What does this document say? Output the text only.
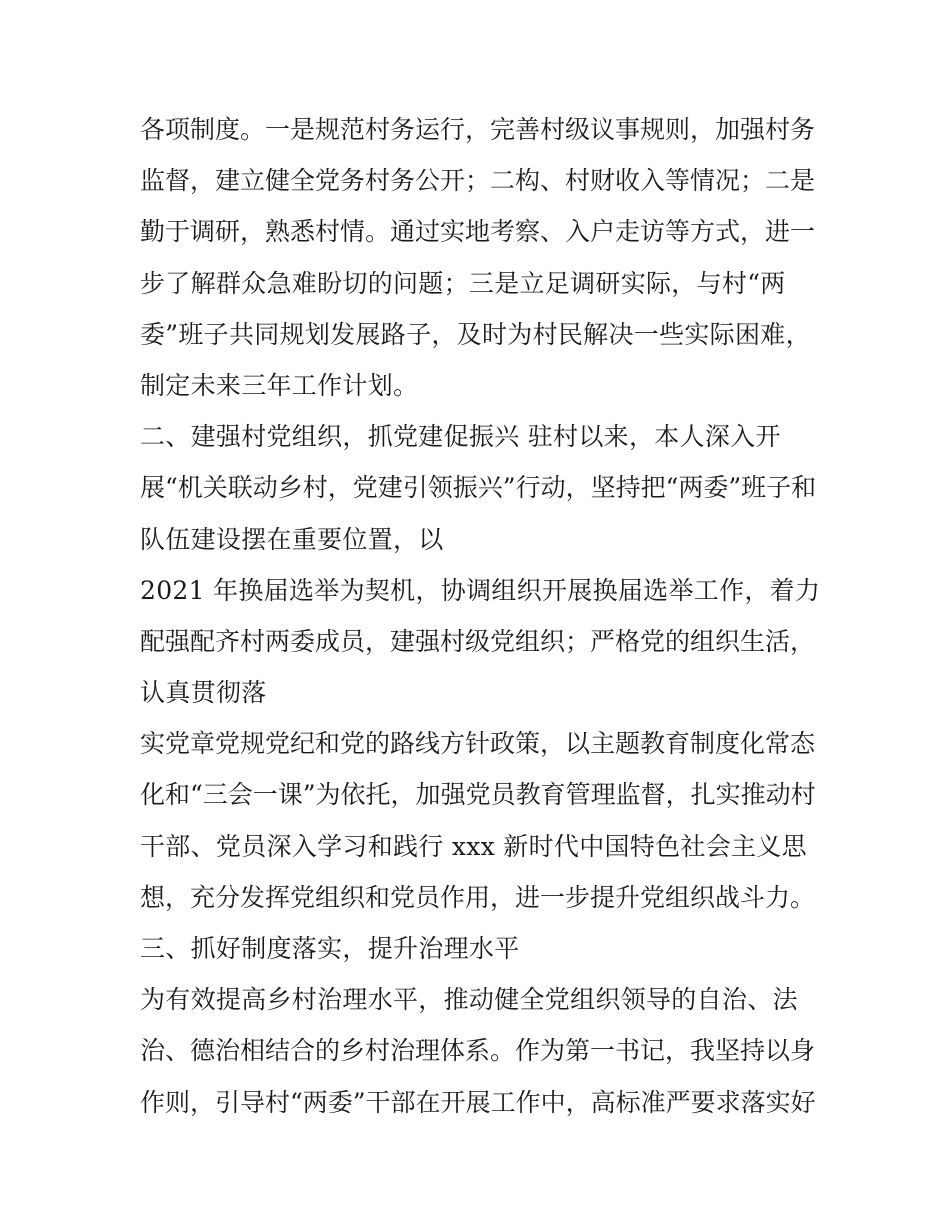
各项制度。一是规范村务运行，完善村级议事规则，加强村务
监督，建立健全党务村务公开；二构、村财收入等情况；二是
勤于调研，熟悉村情。通过实地考察、入户走访等方式，进一
步了解群众急难盼切的问题；三是立足调研实际，与村“两
委”班子共同规划发展路子，及时为村民解决一些实际困难，
制定未来三年工作计划。
二、建强村党组织，抓党建促振兴 驻村以来，本人深入开
展“机关联动乡村，党建引领振兴”行动，坚持把“两委”班子和
队伍建设摆在重要位置，以
2021 年换届选举为契机，协调组织开展换届选举工作，着力
配强配齐村两委成员，建强村级党组织；严格党的组织生活，
认真贯彻落
实党章党规党纪和党的路线方针政策，以主题教育制度化常态
化和“三会一课”为依托，加强党员教育管理监督，扎实推动村
干部、党员深入学习和践行 xxx 新时代中国特色社会主义思
想，充分发挥党组织和党员作用，进一步提升党组织战斗力。
三、抓好制度落实，提升治理水平
为有效提高乡村治理水平，推动健全党组织领导的自治、法
治、德治相结合的乡村治理体系。作为第一书记，我坚持以身
作则，引导村“两委”干部在开展工作中，高标准严要求落实好
